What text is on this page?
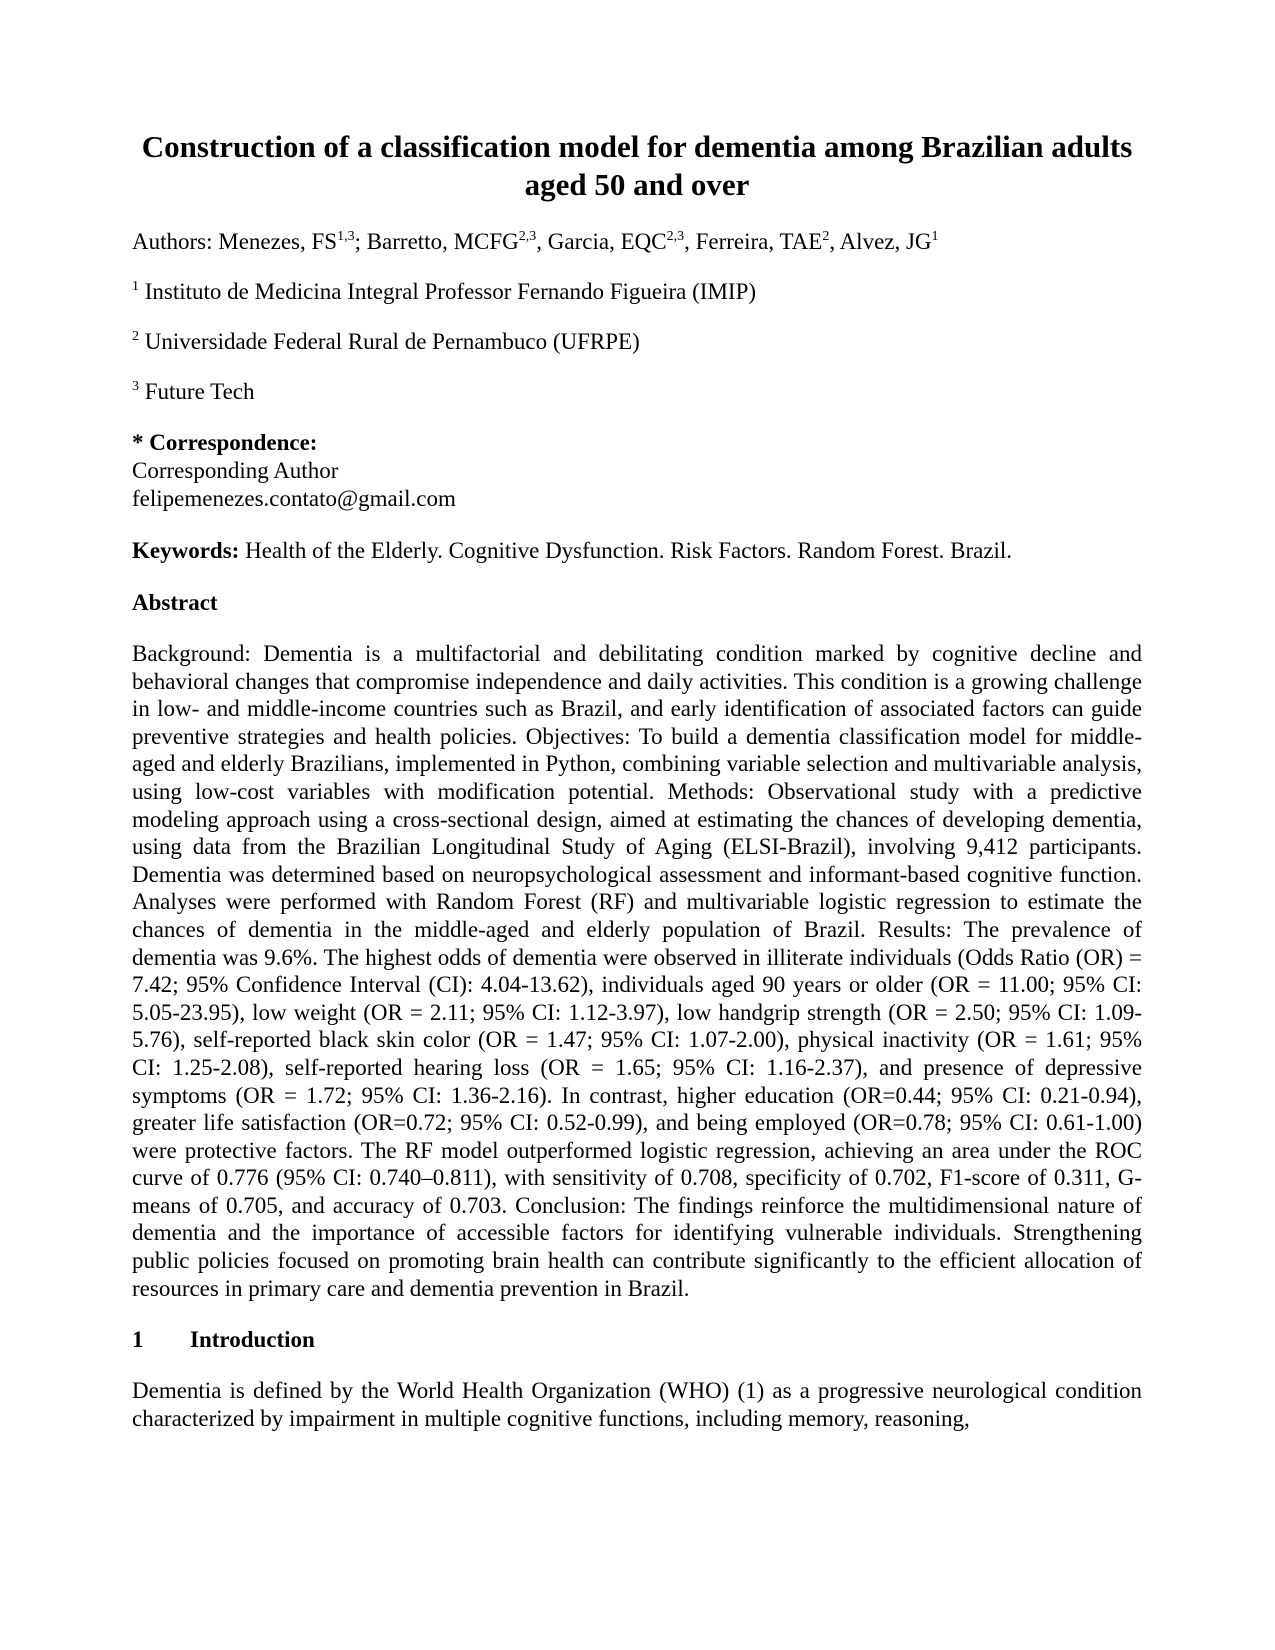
Construction of a classification model for dementia among Brazilian adults aged 50 and over
Authors: Menezes, FS$^{1,3}$; Barretto, MCFG$^{2,3}$, Garcia, EQC$^{2,3}$, Ferreira, TAE$^2$, Alvez, $JG^1$
$^1$ Instituto de Medicina Integral Professor Fernando Figueira (IMIP)
$^2$ Universidade Federal Rural de Pernambuco (UFRPE)
$^3$ Future Tech
* Correspondence:
Corresponding Author
felipemenezes.contato@gmail.com
Keywords: Health of the Elderly. Cognitive Dysfunction. Risk Factors. Random Forest. Brazil.
Abstract
Background: Dementia is a multifactorial and debilitating condition marked by cognitive decline and behavioral changes that compromise independence and daily activities. This condition is a growing challenge in low- and middle-income countries such as Brazil, and early identification of associated factors can guide preventive strategies and health policies. Objectives: To build a dementia classification model for middle-aged and elderly Brazilians, implemented in Python, combining variable selection and multivariable analysis, using low-cost variables with modification potential. Methods: Observational study with a predictive modeling approach using a cross-sectional design, aimed at estimating the chances of developing dementia, using data from the Brazilian Longitudinal Study of Aging (ELSI-Brazil), involving 9,412 participants. Dementia was determined based on neuropsychological assessment and informant-based cognitive function. Analyses were performed with Random Forest (RF) and multivariable logistic regression to estimate the chances of dementia in the middle-aged and elderly population of Brazil. Results: The prevalence of dementia was 9.6%. The highest odds of dementia were observed in illiterate individuals (Odds Ratio (OR) = 7.42; 95% Confidence Interval (CI): 4.04-13.62), individuals aged 90 years or older (OR = 11.00; 95% CI: 5.05-23.95), low weight (OR = 2.11; 95% CI: 1.12-3.97), low handgrip strength (OR = 2.50; 95% CI: 1.09-5.76), self-reported black skin color (OR = 1.47; 95% CI: 1.07-2.00), physical inactivity (OR = 1.61; 95% CI: 1.25-2.08), self-reported hearing loss (OR = 1.65; 95% CI: 1.16-2.37), and presence of depressive symptoms (OR = 1.72; 95% CI: 1.36-2.16). In contrast, higher education (OR=0.44; 95% CI: 0.21-0.94), greater life satisfaction (OR=0.72; 95% CI: 0.52-0.99), and being employed (OR=0.78; 95% CI: 0.61-1.00) were protective factors. The RF model outperformed logistic regression, achieving an area under the ROC curve of 0.776 (95% CI: 0.740–0.811), with sensitivity of 0.708, specificity of 0.702, F1-score of 0.311, G-means of 0.705, and accuracy of 0.703. Conclusion: The findings reinforce the multidimensional nature of dementia and the importance of accessible factors for identifying vulnerable individuals. Strengthening public policies focused on promoting brain health can contribute significantly to the efficient allocation of resources in primary care and dementia prevention in Brazil.
1 Introduction
Dementia is defined by the World Health Organization (WHO) (1) as a progressive neurological condition characterized by impairment in multiple cognitive functions, including memory, reasoning,
